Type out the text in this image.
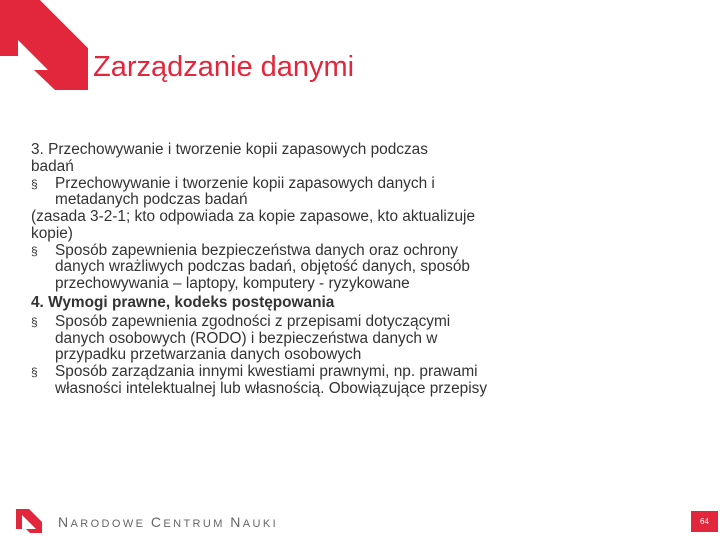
Zarządzanie danymi

3. Przechowywanie i tworzenie kopii zapasowych podczas
badań

§ Przechowywanie i tworzenie kopii zapasowych danych i
metadanych podczas badań

(zasada 3-2-1; kto odpowiada za kopie zapasowe, kto aktualizuje
kopie)

§ Sposób zapewnienia bezpieczeństwa danych oraz ochrony
danych wrażliwych podczas badań, objętość danych, sposób
przechowywania – laptopy, komputery - ryzykowane

4. Wymogi prawne, kodeks postępowania

§ Sposób zapewnienia zgodności z przepisami dotyczącymi
danych osobowych (RODO) i bezpieczeństwa danych w
przypadku przetwarzania danych osobowych
§ Sposób zarządzania innymi kwestiami prawnymi, np. prawami
własności intelektualnej lub własnością. Obowiązujące przepisy
NARODOWE CENTRUM NAUKI	64
